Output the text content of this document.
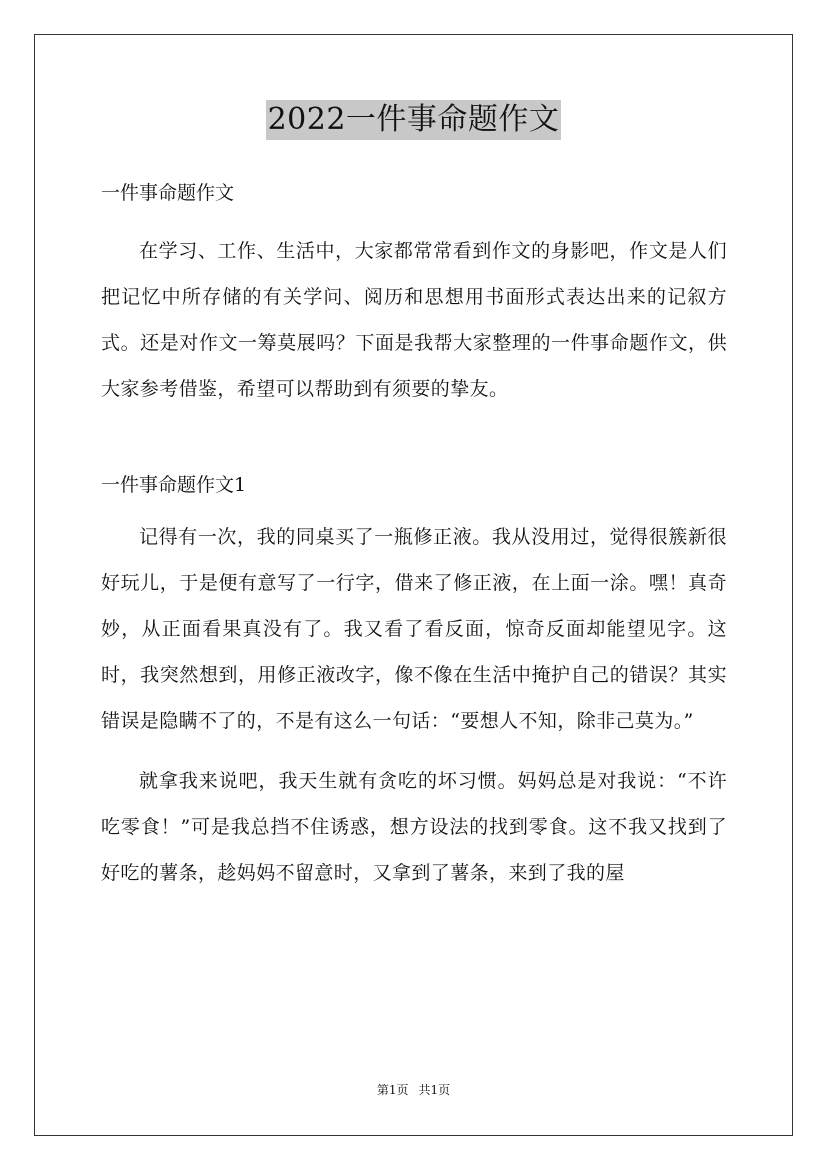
2022一件事命题作文

一件事命题作文

在学习、工作、生活中，大家都常常看到作文的身影吧，作文是人们把记忆中所存储的有关学问、阅历和思想用书面形式表达出来的记叙方式。还是对作文一筹莫展吗？下面是我帮大家整理的一件事命题作文，供大家参考借鉴，希望可以帮助到有须要的挚友。

一件事命题作文1

记得有一次，我的同桌买了一瓶修正液。我从没用过，觉得很簇新很好玩儿，于是便有意写了一行字，借来了修正液，在上面一涂。嘿！真奇妙，从正面看果真没有了。我又看了看反面，惊奇反面却能望见字。这时，我突然想到，用修正液改字，像不像在生活中掩护自己的错误？其实错误是隐瞒不了的，不是有这么一句话：“要想人不知，除非己莫为。”

就拿我来说吧，我天生就有贪吃的坏习惯。妈妈总是对我说：“不许吃零食！”可是我总挡不住诱惑，想方设法的找到零食。这不我又找到了好吃的薯条，趁妈妈不留意时，又拿到了薯条，来到了我的屋

第1页 共1页
